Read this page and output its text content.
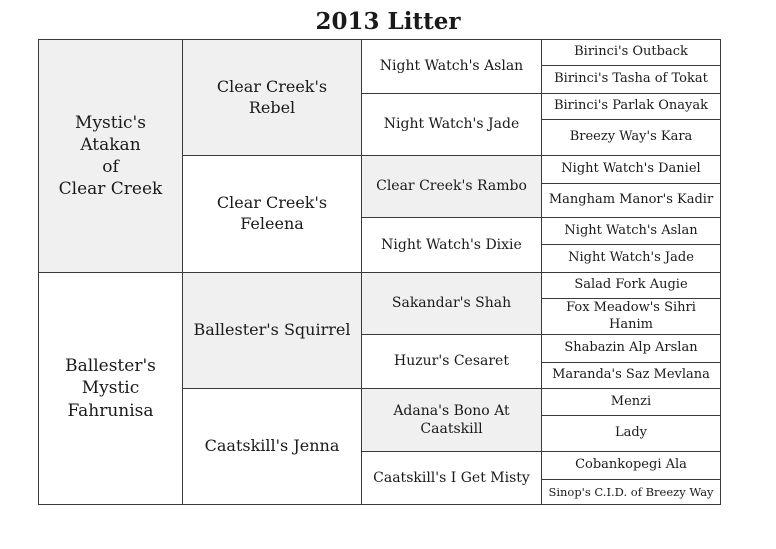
2013 Litter
Mystic's
Atakan
of
Clear Creek
Ballester's
Mystic
Fahrunisa
Clear Creek's
Rebel
Clear Creek's
Feleena
Ballester's Squirrel
Caatskill's Jenna
Night Watch's Aslan
Night Watch's Jade
Clear Creek's Rambo
Night Watch's Dixie
Sakandar's Shah
Huzur's Cesaret
Adana's Bono At
Caatskill
Caatskill's I Get Misty
Birinci's Outback
Birinci's Tasha of Tokat
Birinci's Parlak Onayak
Breezy Way's Kara
Night Watch's Daniel
Mangham Manor's Kadir
Night Watch's Aslan
Night Watch's Jade
Salad Fork Augie
Fox Meadow's Sihri
Hanim
Shabazin Alp Arslan
Maranda's Saz Mevlana
Menzi
Lady
Cobankopegi Ala
Sinop's C.I.D. of Breezy Way
